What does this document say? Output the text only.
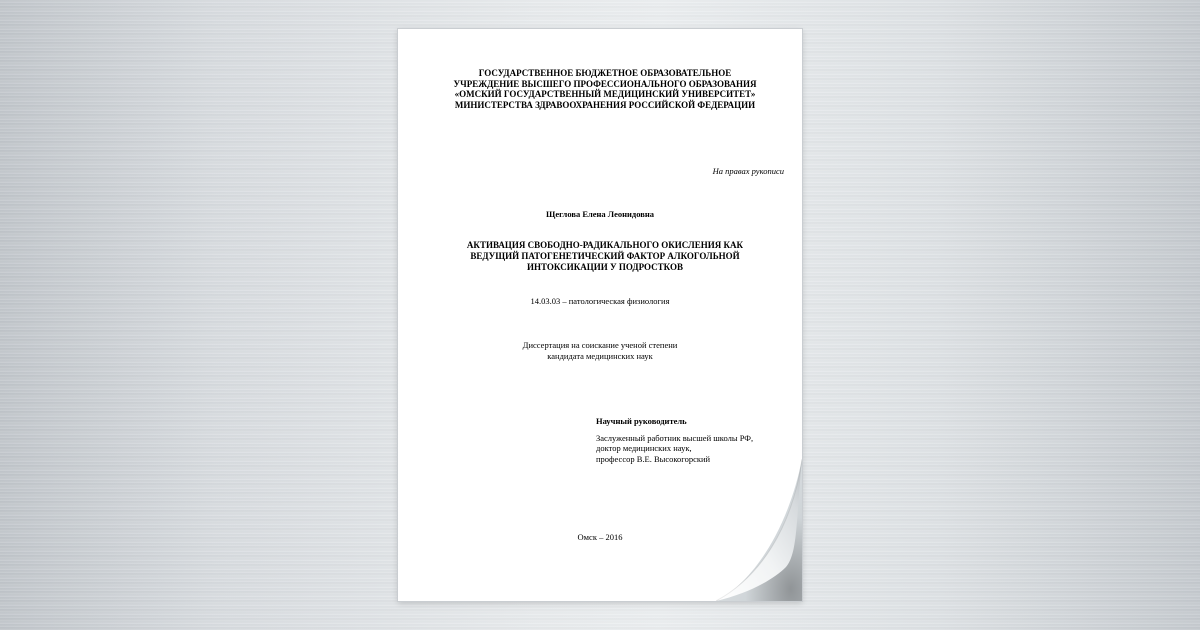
ГОСУДАРСТВЕННОЕ БЮДЖЕТНОЕ ОБРАЗОВАТЕЛЬНОЕ
УЧРЕЖДЕНИЕ ВЫСШЕГО ПРОФЕССИОНАЛЬНОГО ОБРАЗОВАНИЯ
«ОМСКИЙ ГОСУДАРСТВЕННЫЙ МЕДИЦИНСКИЙ УНИВЕРСИТЕТ»
МИНИСТЕРСТВА ЗДРАВООХРАНЕНИЯ РОССИЙСКОЙ ФЕДЕРАЦИИ
На правах рукописи
Щеглова Елена Леонидовна
АКТИВАЦИЯ СВОБОДНО-РАДИКАЛЬНОГО ОКИСЛЕНИЯ КАК
ВЕДУЩИЙ ПАТОГЕНЕТИЧЕСКИЙ ФАКТОР АЛКОГОЛЬНОЙ
ИНТОКСИКАЦИИ У ПОДРОСТКОВ
14.03.03 – патологическая физиология
Диссертация на соискание ученой степени
кандидата медицинских наук
Научный руководитель
Заслуженный работник высшей школы РФ,
доктор медицинских наук,
профессор В.Е. Высокогорский
Омск – 2016
